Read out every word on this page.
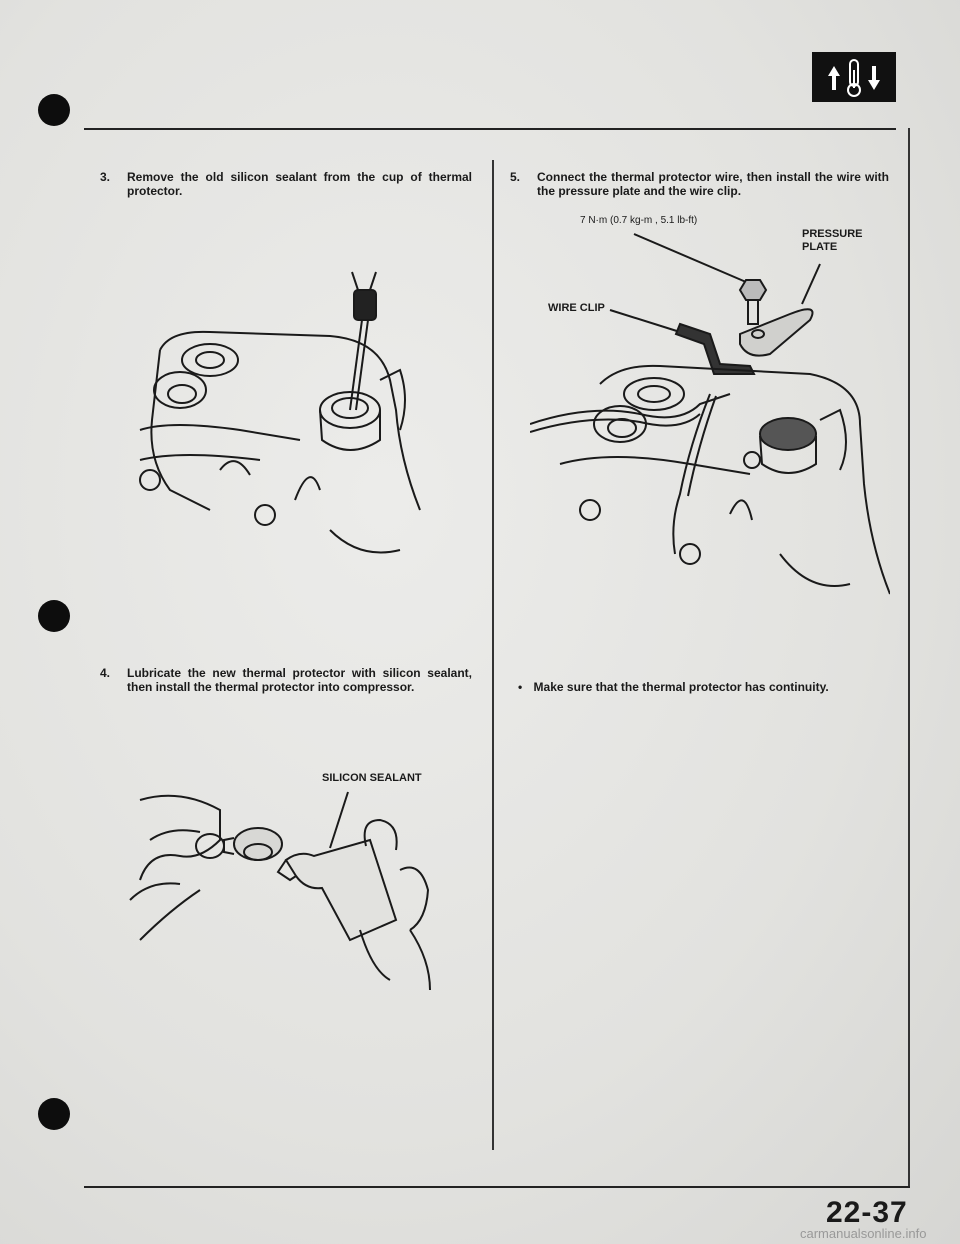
3.	Remove the old silicon sealant from the cup of thermal protector.
4.	Lubricate the new thermal protector with silicon sealant, then install the thermal protector into compressor.
SILICON SEALANT
5.	Connect the thermal protector wire, then install the wire with the pressure plate and the wire clip.
7 N·m (0.7 kg-m , 5.1 lb-ft)
PRESSURE
PLATE
WIRE CLIP
• Make sure that the thermal protector has continuity.
22-37
carmanualsonline.info
